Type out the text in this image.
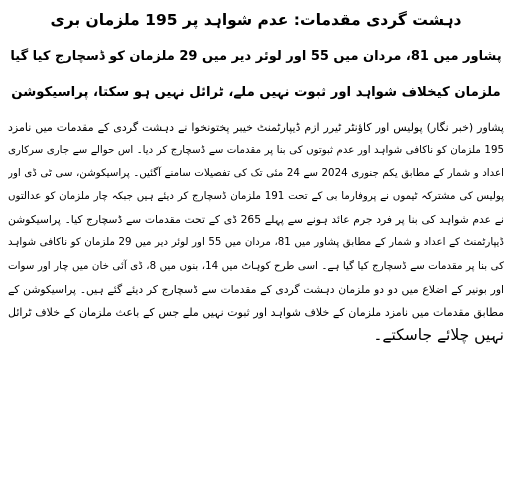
دہشت گردی مقدمات: عدم شواہد پر 195 ملزمان بری
پشاور میں 81، مردان میں 55 اور لوئر دیر میں 29 ملزمان کو ڈسچارج کیا گیا
ملزمان کیخلاف شواہد اور ثبوت نہیں ملے، ٹرائل نہیں ہو سکتا، پراسیکوشن
پشاور (خبر نگار) پولیس اور کاؤنٹر ٹیرر ازم ڈیپارٹمنٹ خیبر پختونخوا نے دہشت گردی کے مقدمات میں نامزد
195 ملزمان کو ناکافی شواہد اور عدم ثبوتوں کی بنا پر مقدمات سے ڈسچارج کر دیا۔ اس حوالے سے جاری سرکاری
اعداد و شمار کے مطابق یکم جنوری 2024 سے 24 مئی تک کی تفصیلات سامنے آگئیں۔ پراسیکوشن، سی ٹی ڈی اور
پولیس کی مشترکہ ٹیموں نے پروفارما بی کے تحت 191 ملزمان ڈسچارج کر دیئے ہیں جبکہ چار ملزمان کو عدالتوں
نے عدم شواہد کی بنا پر فرد جرم عائد ہونے سے پہلے 265 ڈی کے تحت مقدمات سے ڈسچارج کیا۔ پراسیکوشن
ڈیپارٹمنٹ کے اعداد و شمار کے مطابق پشاور میں 81، مردان میں 55 اور لوئر دیر میں 29 ملزمان کو ناکافی شواہد
کی بنا پر مقدمات سے ڈسچارج کیا گیا ہے۔ اسی طرح کوہاٹ میں 14، بنوں میں 8، ڈی آئی خان میں چار اور سوات
اور بونیر کے اضلاع میں دو دو ملزمان دہشت گردی کے مقدمات سے ڈسچارج کر دیئے گئے ہیں۔ پراسیکوشن کے
مطابق مقدمات میں نامزد ملزمان کے خلاف شواہد اور ثبوت نہیں ملے جس کے باعث ملزمان کے خلاف ٹرائل
نہیں چلائے جاسکتے۔
